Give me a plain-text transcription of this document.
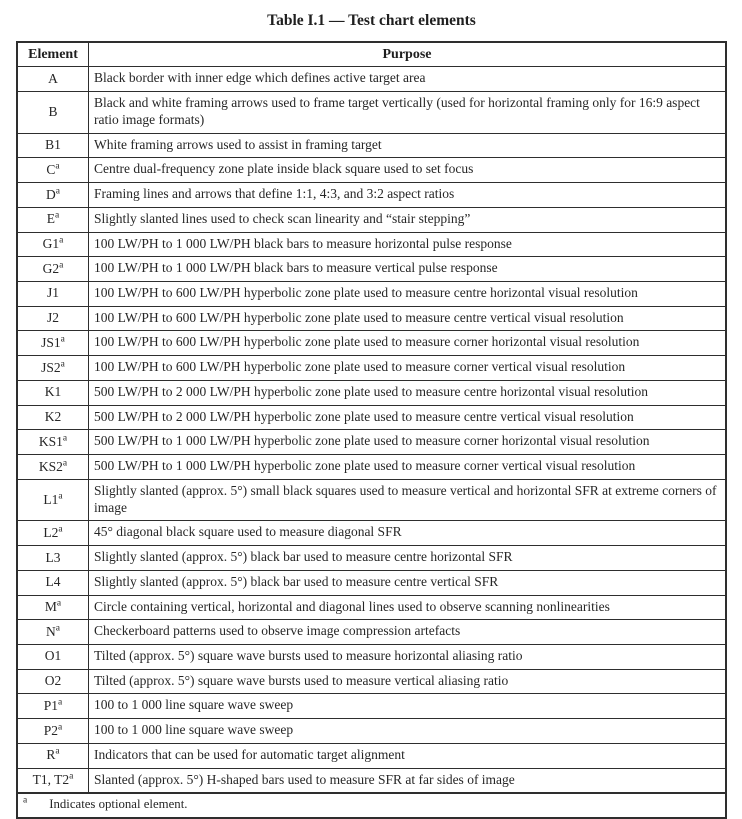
Table I.1 — Test chart elements
Element	Purpose
A	Black border with inner edge which defines active target area
B	Black and white framing arrows used to frame target vertically (used for horizontal framing only for 16:9 aspect ratio image formats)
B1	White framing arrows used to assist in framing target
$C^a$	Centre dual-frequency zone plate inside black square used to set focus
$D^a$	Framing lines and arrows that define 1:1, 4:3, and 3:2 aspect ratios
$E^a$	Slightly slanted lines used to check scan linearity and “stair stepping”
G1$^a$	100 LW/PH to 1 000 LW/PH black bars to measure horizontal pulse response
G2$^a$	100 LW/PH to 1 000 LW/PH black bars to measure vertical pulse response
J1	100 LW/PH to 600 LW/PH hyperbolic zone plate used to measure centre horizontal visual resolution
J2	100 LW/PH to 600 LW/PH hyperbolic zone plate used to measure centre vertical visual resolution
JS1$^a$	100 LW/PH to 600 LW/PH hyperbolic zone plate used to measure corner horizontal visual resolution
JS2$^a$	100 LW/PH to 600 LW/PH hyperbolic zone plate used to measure corner vertical visual resolution
K1	500 LW/PH to 2 000 LW/PH hyperbolic zone plate used to measure centre horizontal visual resolution
K2	500 LW/PH to 2 000 LW/PH hyperbolic zone plate used to measure centre vertical visual resolution
KS1$^a$	500 LW/PH to 1 000 LW/PH hyperbolic zone plate used to measure corner horizontal visual resolution
KS2$^a$	500 LW/PH to 1 000 LW/PH hyperbolic zone plate used to measure corner vertical visual resolution
L1$^a$	Slightly slanted (approx. 5°) small black squares used to measure vertical and horizontal SFR at extreme corners of image
L2$^a$	45° diagonal black square used to measure diagonal SFR
L3	Slightly slanted (approx. 5°) black bar used to measure centre horizontal SFR
L4	Slightly slanted (approx. 5°) black bar used to measure centre vertical SFR
$M^a$	Circle containing vertical, horizontal and diagonal lines used to observe scanning nonlinearities
$N^a$	Checkerboard patterns used to observe image compression artefacts
O1	Tilted (approx. 5°) square wave bursts used to measure horizontal aliasing ratio
O2	Tilted (approx. 5°) square wave bursts used to measure vertical aliasing ratio
P1$^a$	100 to 1 000 line square wave sweep
P2$^a$	100 to 1 000 line square wave sweep
$R^a$	Indicators that can be used for automatic target alignment
T1, T2$^a$	Slanted (approx. 5°) H-shaped bars used to measure SFR at far sides of image
$^a$ Indicates optional element.	
